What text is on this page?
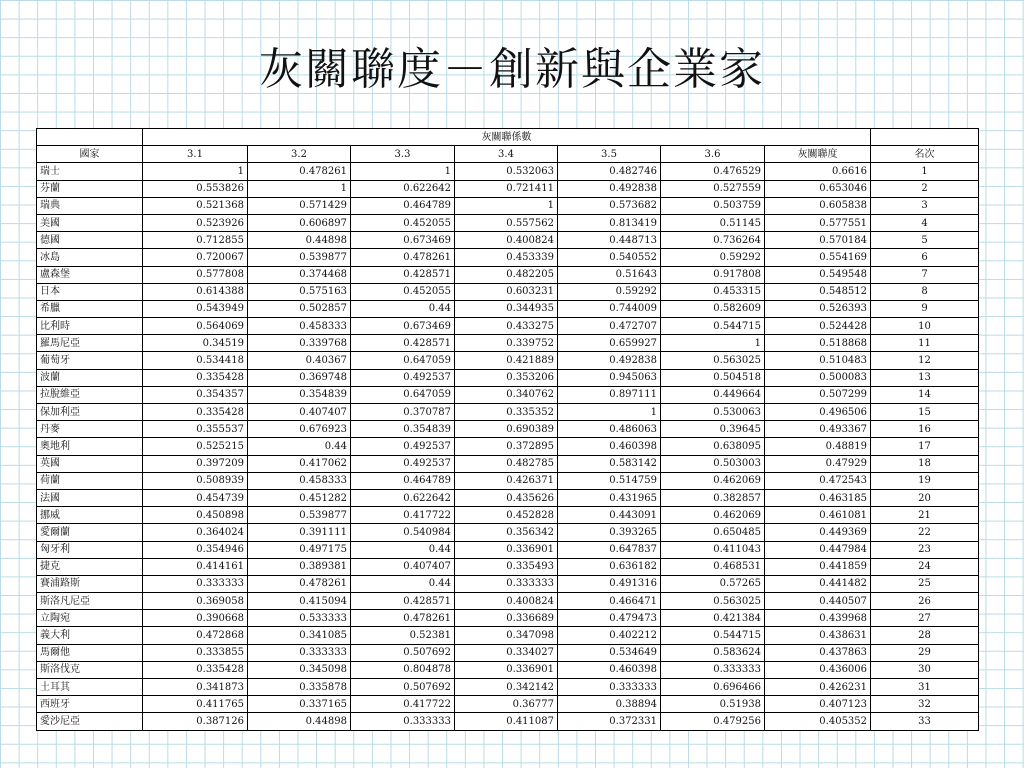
灰關聯度－創新與企業家
	灰關聯係數							
國家	3.1	3.2	3.3	3.4	3.5	3.6	灰關聯度	名次
瑞士	1	0.478261	1	0.532063	0.482746	0.476529	0.6616	1
芬蘭	0.553826	1	0.622642	0.721411	0.492838	0.527559	0.653046	2
瑞典	0.521368	0.571429	0.464789	1	0.573682	0.503759	0.605838	3
美國	0.523926	0.606897	0.452055	0.557562	0.813419	0.51145	0.577551	4
德國	0.712855	0.44898	0.673469	0.400824	0.448713	0.736264	0.570184	5
冰島	0.720067	0.539877	0.478261	0.453339	0.540552	0.59292	0.554169	6
盧森堡	0.577808	0.374468	0.428571	0.482205	0.51643	0.917808	0.549548	7
日本	0.614388	0.575163	0.452055	0.603231	0.59292	0.453315	0.548512	8
希臘	0.543949	0.502857	0.44	0.344935	0.744009	0.582609	0.526393	9
比利時	0.564069	0.458333	0.673469	0.433275	0.472707	0.544715	0.524428	10
羅馬尼亞	0.34519	0.339768	0.428571	0.339752	0.659927	1	0.518868	11
葡萄牙	0.534418	0.40367	0.647059	0.421889	0.492838	0.563025	0.510483	12
波蘭	0.335428	0.369748	0.492537	0.353206	0.945063	0.504518	0.500083	13
拉脫維亞	0.354357	0.354839	0.647059	0.340762	0.897111	0.449664	0.507299	14
保加利亞	0.335428	0.407407	0.370787	0.335352	1	0.530063	0.496506	15
丹麥	0.355537	0.676923	0.354839	0.690389	0.486063	0.39645	0.493367	16
奧地利	0.525215	0.44	0.492537	0.372895	0.460398	0.638095	0.48819	17
英國	0.397209	0.417062	0.492537	0.482785	0.583142	0.503003	0.47929	18
荷蘭	0.508939	0.458333	0.464789	0.426371	0.514759	0.462069	0.472543	19
法國	0.454739	0.451282	0.622642	0.435626	0.431965	0.382857	0.463185	20
挪威	0.450898	0.539877	0.417722	0.452828	0.443091	0.462069	0.461081	21
愛爾蘭	0.364024	0.391111	0.540984	0.356342	0.393265	0.650485	0.449369	22
匈牙利	0.354946	0.497175	0.44	0.336901	0.647837	0.411043	0.447984	23
捷克	0.414161	0.389381	0.407407	0.335493	0.636182	0.468531	0.441859	24
賽浦路斯	0.333333	0.478261	0.44	0.333333	0.491316	0.57265	0.441482	25
斯洛凡尼亞	0.369058	0.415094	0.428571	0.400824	0.466471	0.563025	0.440507	26
立陶宛	0.390668	0.533333	0.478261	0.336689	0.479473	0.421384	0.439968	27
義大利	0.472868	0.341085	0.52381	0.347098	0.402212	0.544715	0.438631	28
馬爾他	0.333855	0.333333	0.507692	0.334027	0.534649	0.583624	0.437863	29
斯洛伐克	0.335428	0.345098	0.804878	0.336901	0.460398	0.333333	0.436006	30
土耳其	0.341873	0.335878	0.507692	0.342142	0.333333	0.696466	0.426231	31
西班牙	0.411765	0.337165	0.417722	0.36777	0.38894	0.51938	0.407123	32
愛沙尼亞	0.387126	0.44898	0.333333	0.411087	0.372331	0.479256	0.405352	33
